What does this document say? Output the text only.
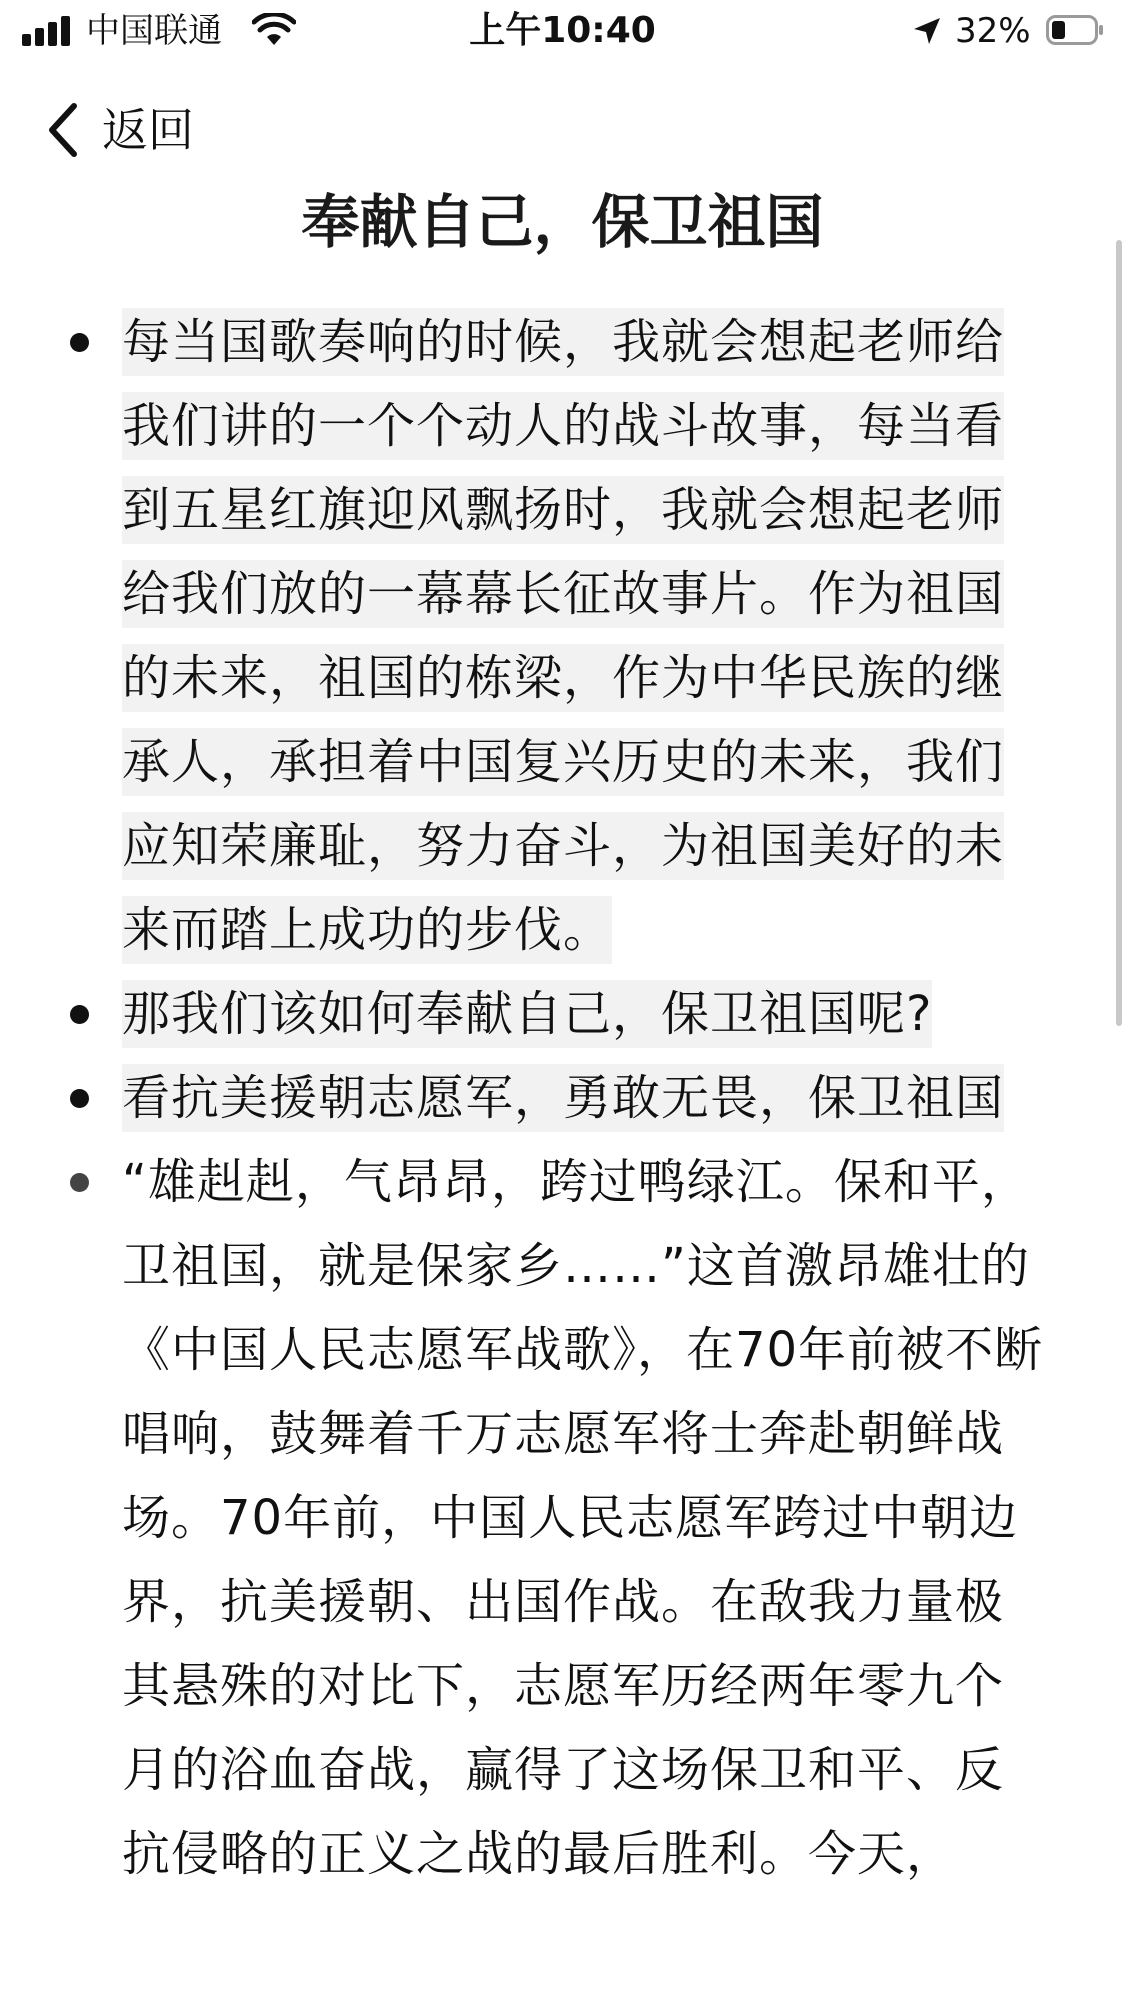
中国联通	上午10:40	32%
返回
奉献自己，保卫祖国
每当国歌奏响的时候，我就会想起老师给我们讲的一个个动人的战斗故事，每当看到五星红旗迎风飘扬时，我就会想起老师给我们放的一幕幕长征故事片。作为祖国的未来，祖国的栋梁，作为中华民族的继承人，承担着中国复兴历史的未来，我们应知荣廉耻，努力奋斗，为祖国美好的未来而踏上成功的步伐。
那我们该如何奉献自己，保卫祖国呢?
看抗美援朝志愿军，勇敢无畏，保卫祖国
“雄赳赳，气昂昂，跨过鸭绿江。保和平，卫祖国，就是保家乡……”这首激昂雄壮的《中国人民志愿军战歌》，在70年前被不断唱响，鼓舞着千万志愿军将士奔赴朝鲜战场。70年前，中国人民志愿军跨过中朝边界，抗美援朝、出国作战。在敌我力量极其悬殊的对比下，志愿军历经两年零九个月的浴血奋战，赢得了这场保卫和平、反抗侵略的正义之战的最后胜利。今天，
